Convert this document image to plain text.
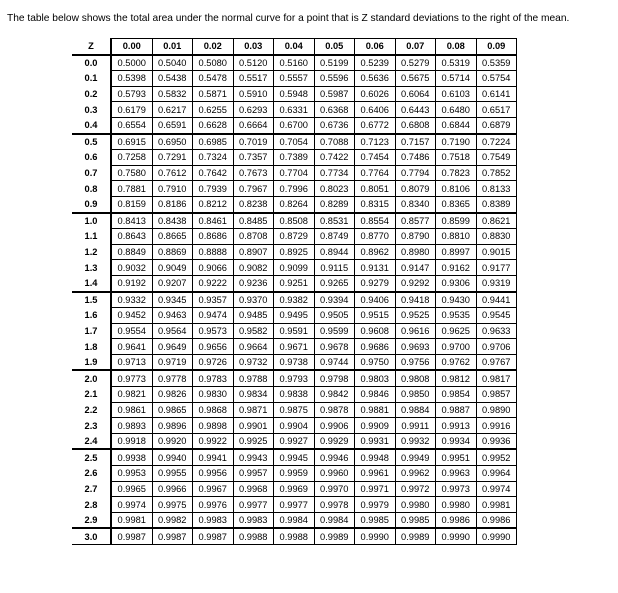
The table below shows the total area under the normal curve for a point that is Z standard deviations to the right of the mean.
Z	0.00	0.01	0.02	0.03	0.04	0.05	0.06	0.07	0.08	0.09
0.0	0.5000	0.5040	0.5080	0.5120	0.5160	0.5199	0.5239	0.5279	0.5319	0.5359
0.1	0.5398	0.5438	0.5478	0.5517	0.5557	0.5596	0.5636	0.5675	0.5714	0.5754
0.2	0.5793	0.5832	0.5871	0.5910	0.5948	0.5987	0.6026	0.6064	0.6103	0.6141
0.3	0.6179	0.6217	0.6255	0.6293	0.6331	0.6368	0.6406	0.6443	0.6480	0.6517
0.4	0.6554	0.6591	0.6628	0.6664	0.6700	0.6736	0.6772	0.6808	0.6844	0.6879
0.5	0.6915	0.6950	0.6985	0.7019	0.7054	0.7088	0.7123	0.7157	0.7190	0.7224
0.6	0.7258	0.7291	0.7324	0.7357	0.7389	0.7422	0.7454	0.7486	0.7518	0.7549
0.7	0.7580	0.7612	0.7642	0.7673	0.7704	0.7734	0.7764	0.7794	0.7823	0.7852
0.8	0.7881	0.7910	0.7939	0.7967	0.7996	0.8023	0.8051	0.8079	0.8106	0.8133
0.9	0.8159	0.8186	0.8212	0.8238	0.8264	0.8289	0.8315	0.8340	0.8365	0.8389
1.0	0.8413	0.8438	0.8461	0.8485	0.8508	0.8531	0.8554	0.8577	0.8599	0.8621
1.1	0.8643	0.8665	0.8686	0.8708	0.8729	0.8749	0.8770	0.8790	0.8810	0.8830
1.2	0.8849	0.8869	0.8888	0.8907	0.8925	0.8944	0.8962	0.8980	0.8997	0.9015
1.3	0.9032	0.9049	0.9066	0.9082	0.9099	0.9115	0.9131	0.9147	0.9162	0.9177
1.4	0.9192	0.9207	0.9222	0.9236	0.9251	0.9265	0.9279	0.9292	0.9306	0.9319
1.5	0.9332	0.9345	0.9357	0.9370	0.9382	0.9394	0.9406	0.9418	0.9430	0.9441
1.6	0.9452	0.9463	0.9474	0.9485	0.9495	0.9505	0.9515	0.9525	0.9535	0.9545
1.7	0.9554	0.9564	0.9573	0.9582	0.9591	0.9599	0.9608	0.9616	0.9625	0.9633
1.8	0.9641	0.9649	0.9656	0.9664	0.9671	0.9678	0.9686	0.9693	0.9700	0.9706
1.9	0.9713	0.9719	0.9726	0.9732	0.9738	0.9744	0.9750	0.9756	0.9762	0.9767
2.0	0.9773	0.9778	0.9783	0.9788	0.9793	0.9798	0.9803	0.9808	0.9812	0.9817
2.1	0.9821	0.9826	0.9830	0.9834	0.9838	0.9842	0.9846	0.9850	0.9854	0.9857
2.2	0.9861	0.9865	0.9868	0.9871	0.9875	0.9878	0.9881	0.9884	0.9887	0.9890
2.3	0.9893	0.9896	0.9898	0.9901	0.9904	0.9906	0.9909	0.9911	0.9913	0.9916
2.4	0.9918	0.9920	0.9922	0.9925	0.9927	0.9929	0.9931	0.9932	0.9934	0.9936
2.5	0.9938	0.9940	0.9941	0.9943	0.9945	0.9946	0.9948	0.9949	0.9951	0.9952
2.6	0.9953	0.9955	0.9956	0.9957	0.9959	0.9960	0.9961	0.9962	0.9963	0.9964
2.7	0.9965	0.9966	0.9967	0.9968	0.9969	0.9970	0.9971	0.9972	0.9973	0.9974
2.8	0.9974	0.9975	0.9976	0.9977	0.9977	0.9978	0.9979	0.9980	0.9980	0.9981
2.9	0.9981	0.9982	0.9983	0.9983	0.9984	0.9984	0.9985	0.9985	0.9986	0.9986
3.0	0.9987	0.9987	0.9987	0.9988	0.9988	0.9989	0.9990	0.9989	0.9990	0.9990
